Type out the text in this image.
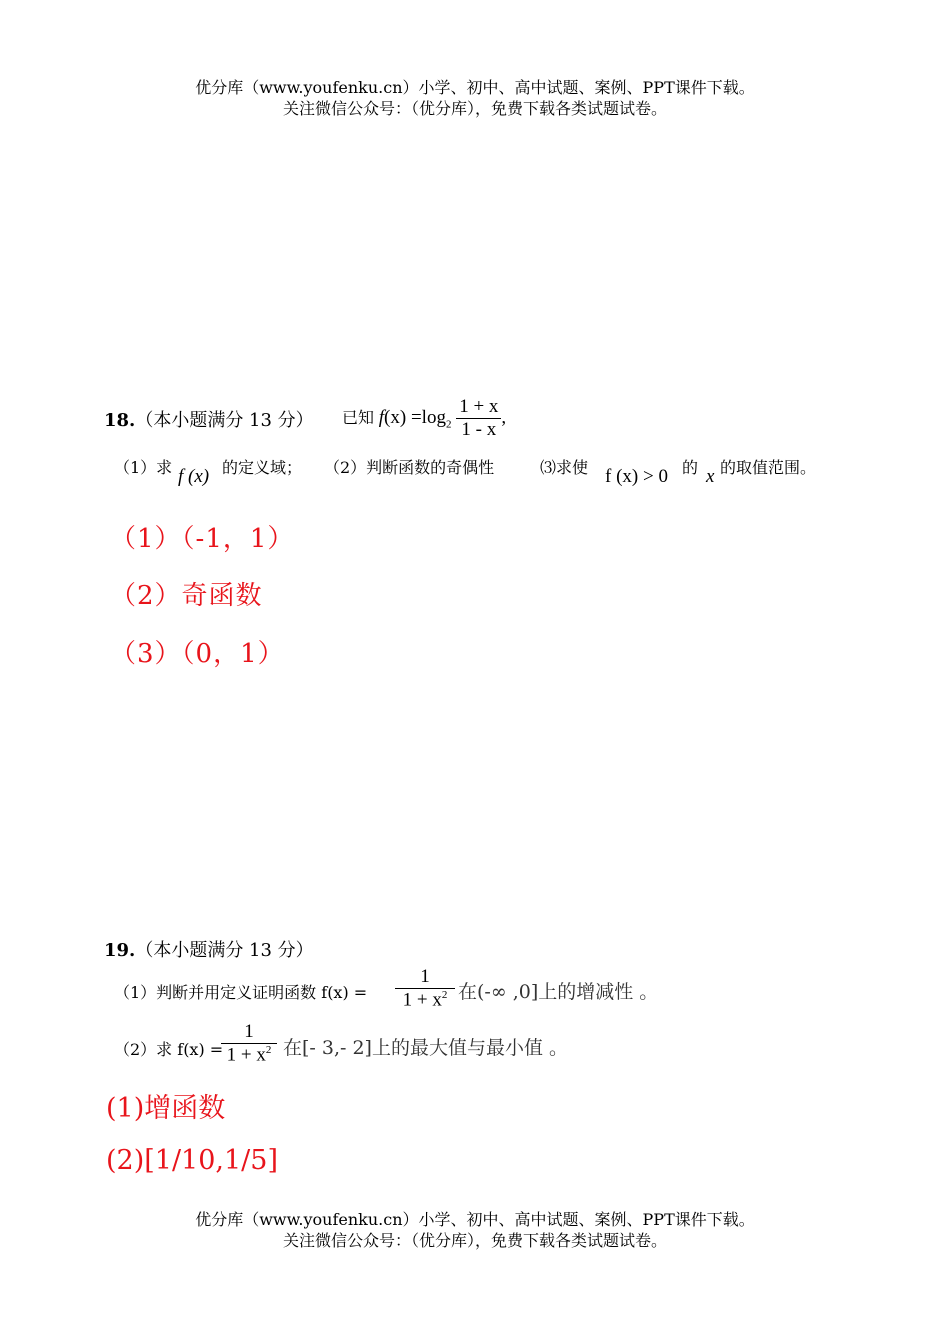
优分库（www.youfenku.cn）小学、初中、高中试题、案例、PPT课件下载。
关注微信公众号：（优分库），免费下载各类试题试卷。
18.（本小题满分 13 分） 已知 $f(x) =\log_2 \frac{1 + x}{1 - x}$ ,
（1）求 f (x) 的定义域； （2）判断函数的奇偶性	⑶求使 f (x) > 0 的 x 的取值范围。
（1）（-1，1）
（2）奇函数
（3）（0，1）
19.（本小题满分 13 分）
（1）判断并用定义证明函数 $f(x) = \frac{1}{1 + x^2}$ 在(-∞ ,0]上的增减性 。
（2）求 f(x) =
$\frac{1}{1 + x^2}$ 在[- 3,- 2]上的最大值与最小值 。
(1)增函数
(2)[1/10,1/5]
优分库（www.youfenku.cn）小学、初中、高中试题、案例、PPT课件下载。
关注微信公众号：（优分库），免费下载各类试题试卷。
